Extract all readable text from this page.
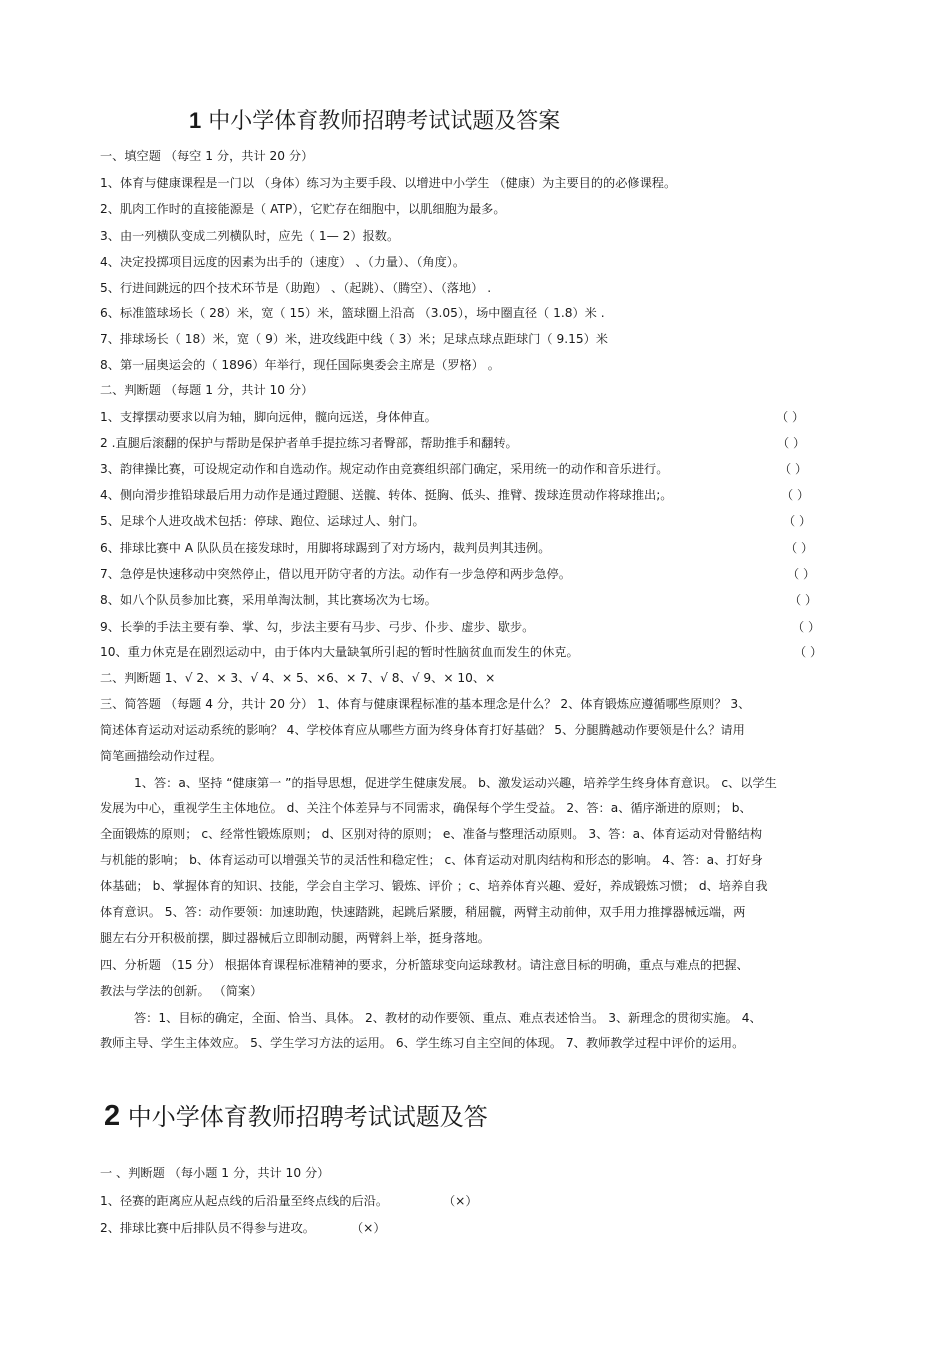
1 中小学体育教师招聘考试试题及答案
一、填空题 （每空 1 分，共计 20 分）
1、体育与健康课程是一门以 （身体）练习为主要手段、以增进中小学生 （健康）为主要目的的必修课程。
2、肌肉工作时的直接能源是（ ATP），它贮存在细胞中，以肌细胞为最多。
3、由一列横队变成二列横队时，应先（ 1— 2）报数。
4、决定投掷项目远度的因素为出手的（速度） 、（力量）、（角度）。
5、行进间跳远的四个技术环节是（助跑） 、（起跳）、（腾空）、（落地） .
6、标准篮球场长（ 28）米，宽（ 15）米，篮球圈上沿高 （3.05），场中圈直径（ 1.8）米 .
7、排球场长（ 18）米，宽（ 9）米，进攻线距中线（ 3）米；足球点球点距球门（ 9.15）米
8、第一届奥运会的（ 1896）年举行，现任国际奥委会主席是（罗格） 。
二、判断题 （每题 1 分，共计 10 分）
1、支撑摆动要求以肩为轴，脚向远伸，髋向远送，身体伸直。	（ ）
2 .直腿后滚翻的保护与帮助是保护者单手提拉练习者臀部，帮助推手和翻转。	（ ）
3、韵律操比赛，可设规定动作和自选动作。规定动作由竞赛组织部门确定，采用统一的动作和音乐进行。	（ ）
4、侧向滑步推铅球最后用力动作是通过蹬腿、送髋、转体、挺胸、低头、推臂、拨球连贯动作将球推出;。	（ ）
5、足球个人进攻战术包括：停球、跑位、运球过人、射门。	（ ）
6、排球比赛中 A 队队员在接发球时，用脚将球踢到了对方场内，裁判员判其违例。	（ ）
7、急停是快速移动中突然停止，借以甩开防守者的方法。动作有一步急停和两步急停。	（ ）
8、如八个队员参加比赛，采用单淘汰制，其比赛场次为七场。	（ ）
9、长拳的手法主要有拳、掌、勾，步法主要有马步、弓步、仆步、虚步、歇步。	（ ）
10、重力休克是在剧烈运动中，由于体内大量缺氧所引起的暂时性脑贫血而发生的休克。	（ ）
二、判断题 1、√ 2、× 3、√ 4、× 5、×6、× 7、√ 8、√ 9、× 10、×
三、简答题 （每题 4 分，共计 20 分） 1、体育与健康课程标准的基本理念是什么？ 2、体育锻炼应遵循哪些原则？ 3、
简述体育运动对运动系统的影响？ 4、学校体育应从哪些方面为终身体育打好基础？ 5、分腿腾越动作要领是什么？请用
简笔画描绘动作过程。
1、答：a、坚持 “健康第一 ”的指导思想，促进学生健康发展。 b、激发运动兴趣，培养学生终身体育意识。 c、以学生
发展为中心，重视学生主体地位。 d、关注个体差异与不同需求，确保每个学生受益。 2、答：a、循序渐进的原则； b、
全面锻炼的原则； c、经常性锻炼原则； d、区别对待的原则； e、准备与整理活动原则。 3、答：a、体育运动对骨骼结构
与机能的影响； b、体育运动可以增强关节的灵活性和稳定性； c、体育运动对肌肉结构和形态的影响。 4、答：a、打好身
体基础； b、掌握体育的知识、技能，学会自主学习、锻炼、评价 ；c、培养体育兴趣、爱好，养成锻炼习惯； d、培养自我
体育意识。 5、答：动作要领：加速助跑，快速踏跳，起跳后紧腰，稍屈髋，两臂主动前伸，双手用力推撑器械远端，两
腿左右分开积极前摆，脚过器械后立即制动腿，两臂斜上举，挺身落地。
四、分析题 （15 分） 根据体育课程标准精神的要求，分析篮球变向运球教材。请注意目标的明确，重点与难点的把握、
教法与学法的创新。 （简案）
答：1、目标的确定，全面、恰当、具体。 2、教材的动作要领、重点、难点表述恰当。 3、新理念的贯彻实施。 4、
教师主导、学生主体效应。 5、学生学习方法的运用。 6、学生练习自主空间的体现。 7、教师教学过程中评价的运用。
2 中小学体育教师招聘考试试题及答
一 、判断题 （每小题 1 分，共计 10 分）
1、径赛的距离应从起点线的后沿量至终点线的后沿。	（×）
2、排球比赛中后排队员不得参与进攻。	（×）
